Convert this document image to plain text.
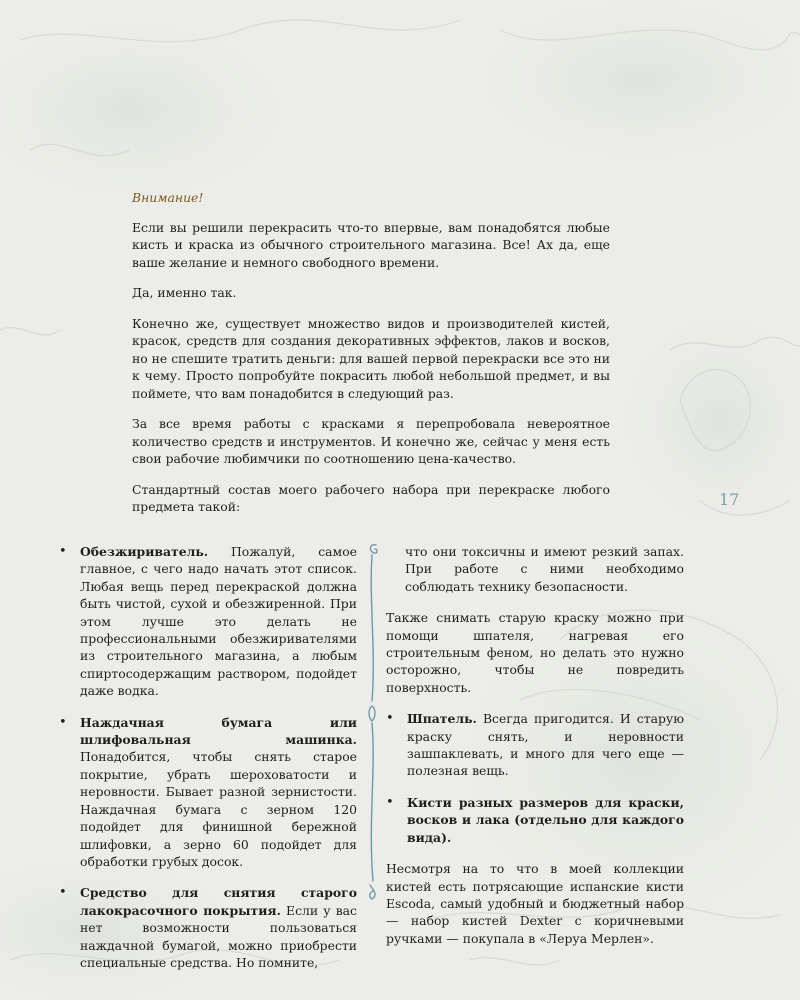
17

Внимание!

Если вы решили перекрасить что-то впервые, вам понадобятся любые кисть и краска из обычного строительного магазина. Все! Ах да, еще ваше желание и немного свободного времени.

Да, именно так.

Конечно же, существует множество видов и производителей кистей, красок, средств для создания декоративных эффектов, лаков и восков, но не спешите тратить деньги: для вашей первой перекраски все это ни к чему. Просто попробуйте покрасить любой небольшой предмет, и вы поймете, что вам понадобится в следующий раз.

За все время работы с красками я перепробовала невероятное количество средств и инструментов. И конечно же, сейчас у меня есть свои рабочие любимчики по соотношению цена-качество.

Стандартный состав моего рабочего набора при перекраске любого предмета такой:

• Обезжириватель. Пожалуй, самое главное, с чего надо начать этот список. Любая вещь перед перекраской должна быть чистой, сухой и обезжиренной. При этом лучше это делать не профессиональными обезжиривателями из строительного магазина, а любым спиртосодержащим раствором, подойдет даже водка.
• Наждачная бумага или шлифовальная машинка. Понадобится, чтобы снять старое покрытие, убрать шероховатости и неровности. Бывает разной зернистости. Наждачная бумага с зерном 120 подойдет для финишной бережной шлифовки, а зерно 60 подойдет для обработки грубых досок.
• Средство для снятия старого лакокрасочного покрытия. Если у вас нет возможности пользоваться наждачной бумагой, можно приобрести специальные средства. Но помните,

что они токсичны и имеют резкий запах. При работе с ними необходимо соблюдать технику безопасности.

Также снимать старую краску можно при помощи шпателя, нагревая его строительным феном, но делать это нужно осторожно, чтобы не повредить поверхность.

• Шпатель. Всегда пригодится. И старую краску снять, и неровности зашпаклевать, и много для чего еще — полезная вещь.
• Кисти разных размеров для краски, восков и лака (отдельно для каждого вида).

Несмотря на то что в моей коллекции кистей есть потрясающие испанские кисти Escoda, самый удобный и бюджетный набор — набор кистей Dexter с коричневыми ручками — покупала в «Леруа Мерлен».
